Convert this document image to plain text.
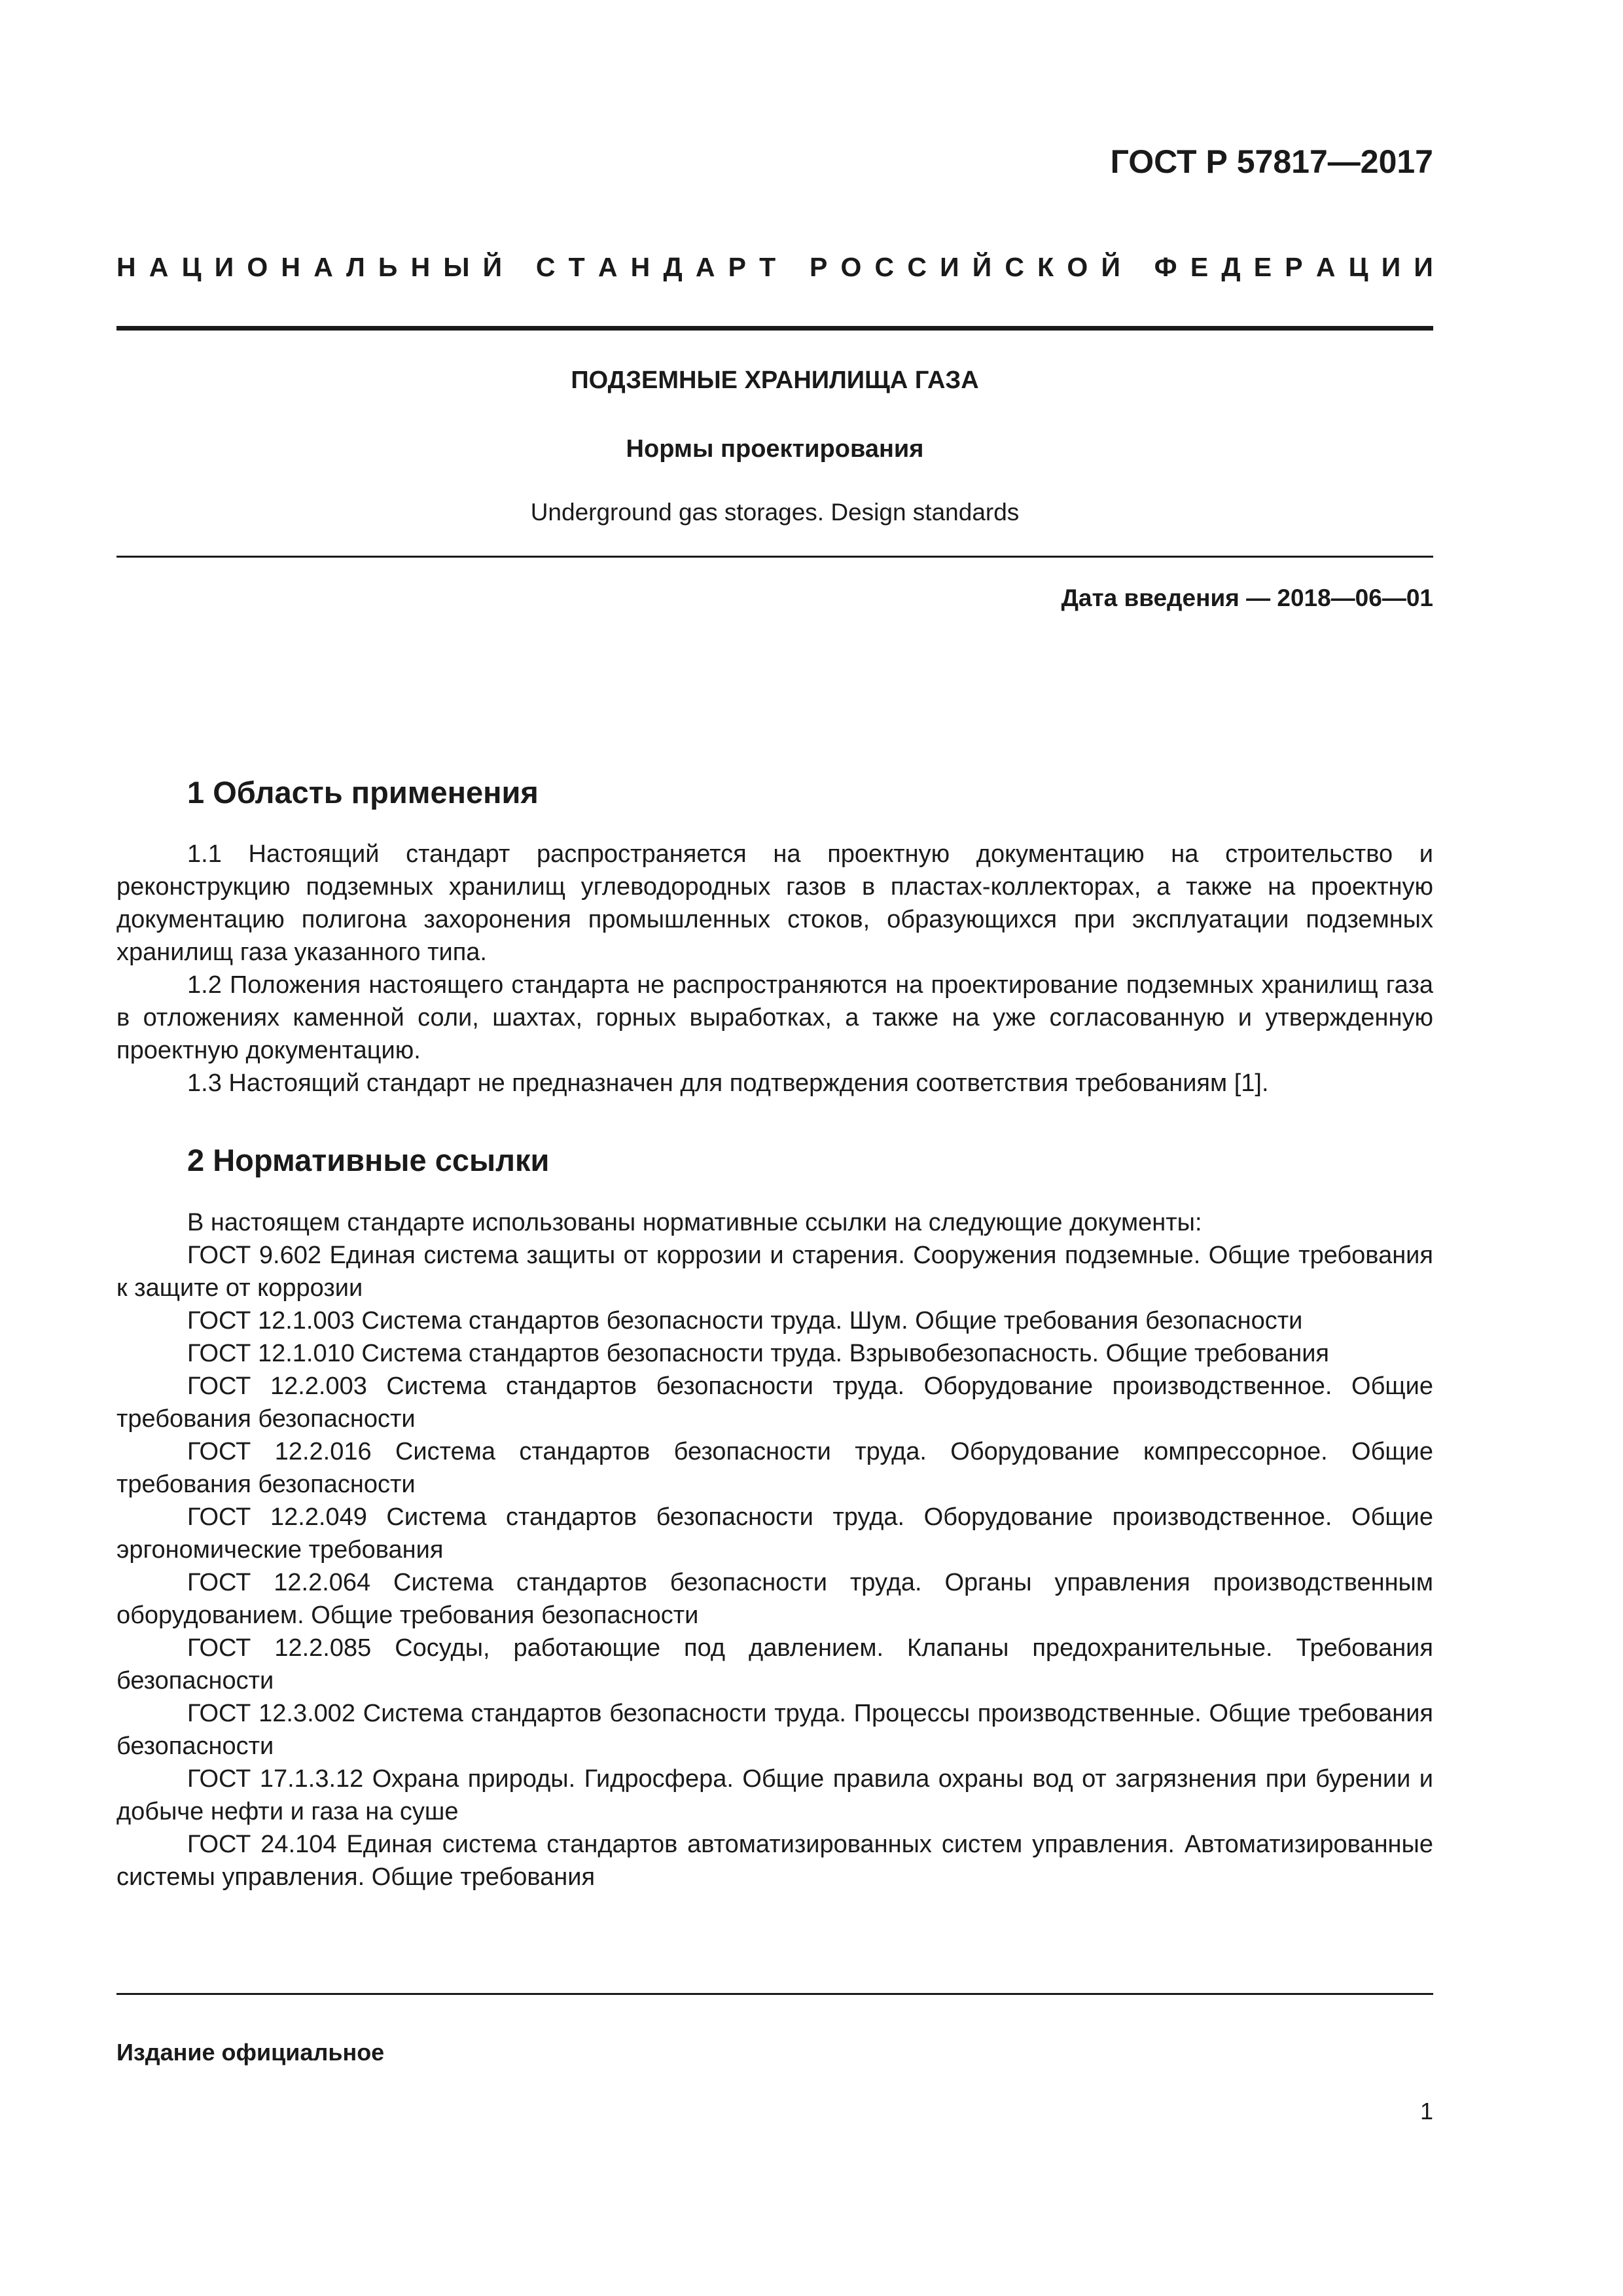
ГОСТ Р 57817—2017
Н А Ц И О Н А Л Ь Н Ы Й
С Т А Н Д А Р Т
Р О С С И Й С К О Й
Ф Е Д Е Р А Ц И И
ПОДЗЕМНЫЕ ХРАНИЛИЩА ГАЗА
Нормы проектирования
Underground gas storages. Design standards
Дата введения — 2018—06—01
1 Область применения

1.1 Настоящий стандарт распространяется на проектную документацию на строительство и реконструкцию подземных хранилищ углеводородных газов в пластах-коллекторах, а также на проектную документацию полигона захоронения промышленных стоков, образующихся при эксплуатации подземных хранилищ газа указанного типа.

1.2 Положения настоящего стандарта не распространяются на проектирование подземных хранилищ газа в отложениях каменной соли, шахтах, горных выработках, а также на уже согласованную и утвержденную проектную документацию.

1.3 Настоящий стандарт не предназначен для подтверждения соответствия требованиям [1].

2 Нормативные ссылки

В настоящем стандарте использованы нормативные ссылки на следующие документы:

ГОСТ 9.602 Единая система защиты от коррозии и старения. Сооружения подземные. Общие требования к защите от коррозии

ГОСТ 12.1.003 Система стандартов безопасности труда. Шум. Общие требования безопасности

ГОСТ 12.1.010 Система стандартов безопасности труда. Взрывобезопасность. Общие требования

ГОСТ 12.2.003 Система стандартов безопасности труда. Оборудование производственное. Общие требования безопасности

ГОСТ 12.2.016 Система стандартов безопасности труда. Оборудование компрессорное. Общие требования безопасности

ГОСТ 12.2.049 Система стандартов безопасности труда. Оборудование производственное. Общие эргономические требования

ГОСТ 12.2.064 Система стандартов безопасности труда. Органы управления производственным оборудованием. Общие требования безопасности

ГОСТ 12.2.085 Сосуды, работающие под давлением. Клапаны предохранительные. Требования безопасности

ГОСТ 12.3.002 Система стандартов безопасности труда. Процессы производственные. Общие требования безопасности

ГОСТ 17.1.3.12 Охрана природы. Гидросфера. Общие правила охраны вод от загрязнения при бурении и добыче нефти и газа на суше

ГОСТ 24.104 Единая система стандартов автоматизированных систем управления. Автоматизированные системы управления. Общие требования

Издание официальное
1
